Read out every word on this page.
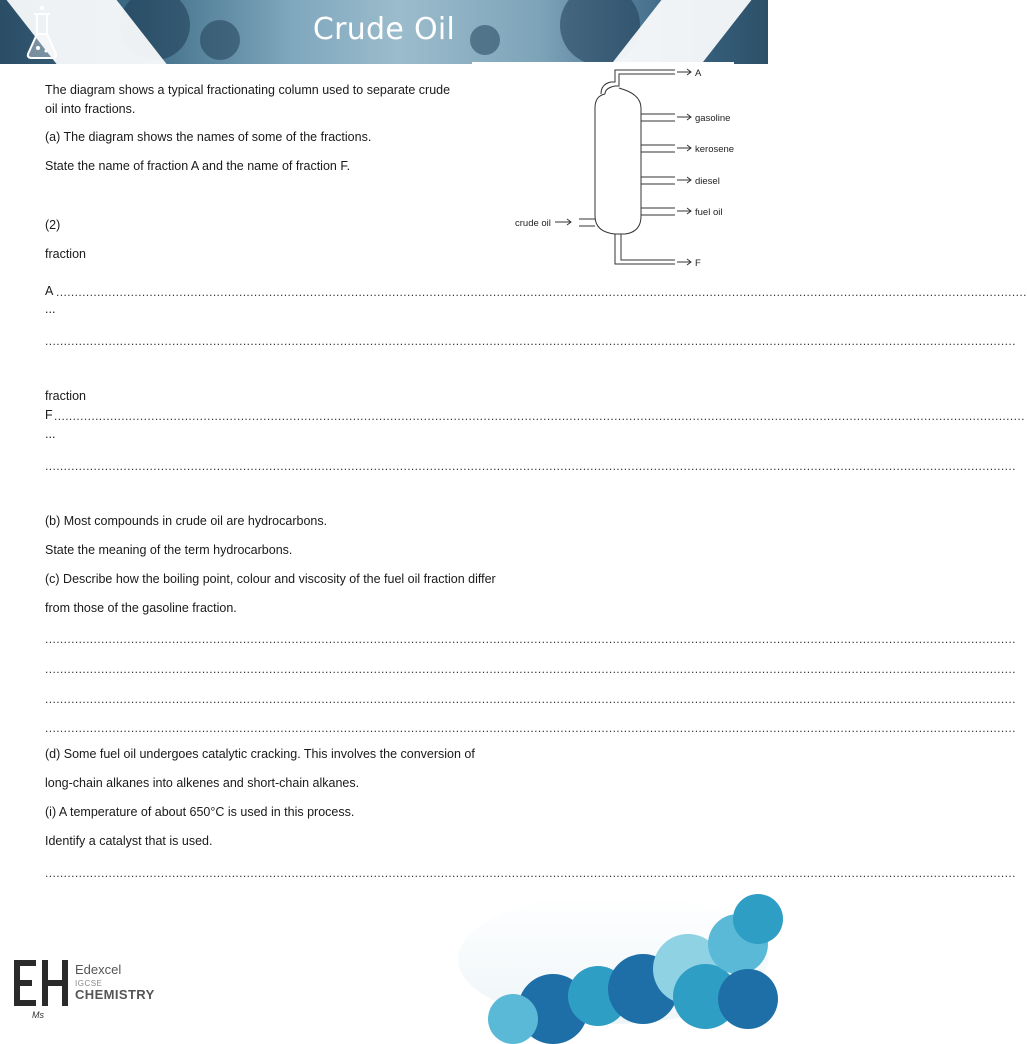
Crude Oil
The diagram shows a typical fractionating column used to separate crude
oil into fractions.
(a) The diagram shows the names of some of the fractions.
State the name of fraction A and the name of fraction F.
(2)
fraction
A ....................................................................................................................................................................................................................................................................
...
....................................................................................................................................................................................................................................................................
fraction
F ....................................................................................................................................................................................................................................................................
...
....................................................................................................................................................................................................................................................................
(b) Most compounds in crude oil are hydrocarbons.
State the meaning of the term hydrocarbons.
(c) Describe how the boiling point, colour and viscosity of the fuel oil fraction differ
from those of the gasoline fraction.
....................................................................................................................................................................................................................................................................
....................................................................................................................................................................................................................................................................
....................................................................................................................................................................................................................................................................
....................................................................................................................................................................................................................................................................
(d) Some fuel oil undergoes catalytic cracking. This involves the conversion of
long-chain alkanes into alkenes and short-chain alkanes.
(i) A temperature of about 650°C is used in this process.
Identify a catalyst that is used.
....................................................................................................................................................................................................................................................................
A
gasoline
kerosene
diesel
fuel oil
F
crude oil
Edexcel
IGCSE
CHEMISTRY
Ms
